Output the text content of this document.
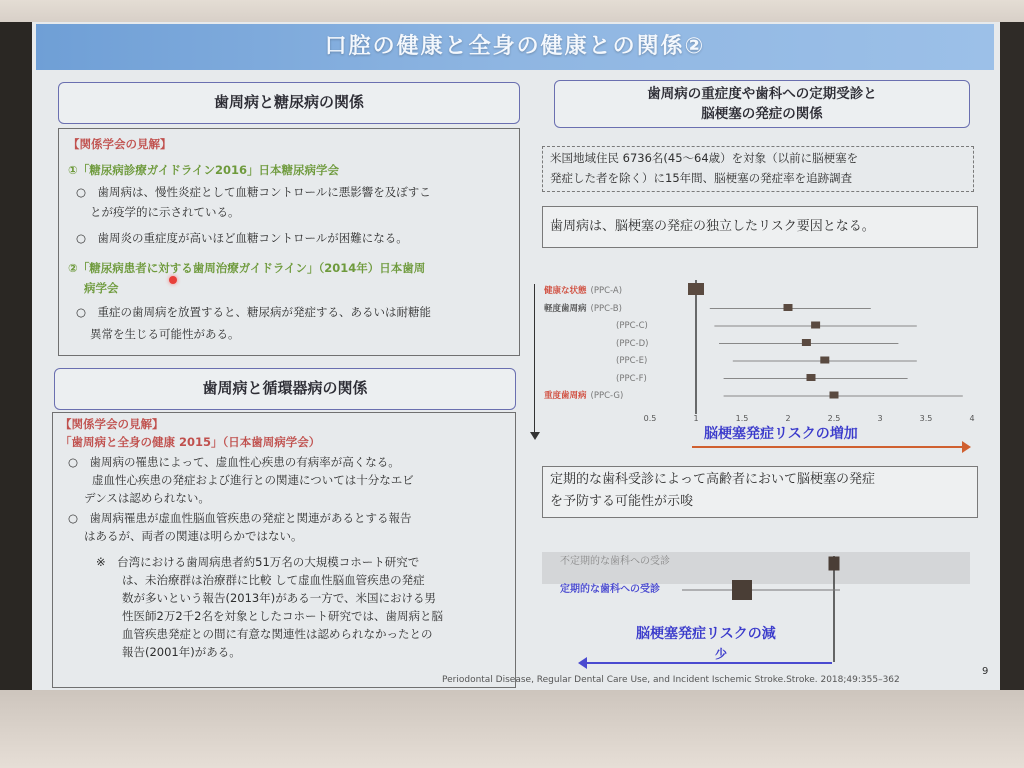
口腔の健康と全身の健康との関係②
歯周病と糖尿病の関係
【関係学会の見解】
①「糖尿病診療ガイドライン2016」日本糖尿病学会
○　歯周病は、慢性炎症として血糖コントロールに悪影響を及ぼすこ
とが疫学的に示されている。
○　歯周炎の重症度が高いほど血糖コントロールが困難になる。
②「糖尿病患者に対する歯周治療ガイドライン」（2014年）日本歯周
病学会
○　重症の歯周病を放置すると、糖尿病が発症する、あるいは耐糖能
異常を生じる可能性がある。
歯周病と循環器病の関係
【関係学会の見解】
「歯周病と全身の健康 2015」（日本歯周病学会）
○　歯周病の罹患によって、虚血性心疾患の有病率が高くなる。
虚血性心疾患の発症および進行との関連については十分なエビ
デンスは認められない。
○　歯周病罹患が虚血性脳血管疾患の発症と関連があるとする報告
はあるが、両者の関連は明らかではない。
※　台湾における歯周病患者約51万名の大規模コホート研究で
は、未治療群は治療群に比較 して虚血性脳血管疾患の発症
数が多いという報告(2013年)がある一方で、米国における男
性医師2万2千2名を対象としたコホート研究では、歯周病と脳
血管疾患発症との間に有意な関連性は認められなかったとの
報告(2001年)がある。
歯周病の重症度や歯科への定期受診と
脳梗塞の発症の関係
米国地域住民 6736名(45～64歳）を対象（以前に脳梗塞を
発症した者を除く）に15年間、脳梗塞の発症率を追跡調査
歯周病は、脳梗塞の発症の独立したリスク要因となる。
健康な状態 (PPC-A)
軽度歯周病 (PPC-B)
(PPC-C)
(PPC-D)
(PPC-E)
(PPC-F)
重度歯周病 (PPC-G)
0.5	1	1.5	2	2.5	3	3.5	4
脳梗塞発症リスクの増加
定期的な歯科受診によって高齢者において脳梗塞の発症
を予防する可能性が示唆
不定期的な歯科への受診
定期的な歯科への受診
脳梗塞発症リスクの減
少
9
Periodontal Disease, Regular Dental Care Use, and Incident Ischemic Stroke.Stroke. 2018;49:355–362
